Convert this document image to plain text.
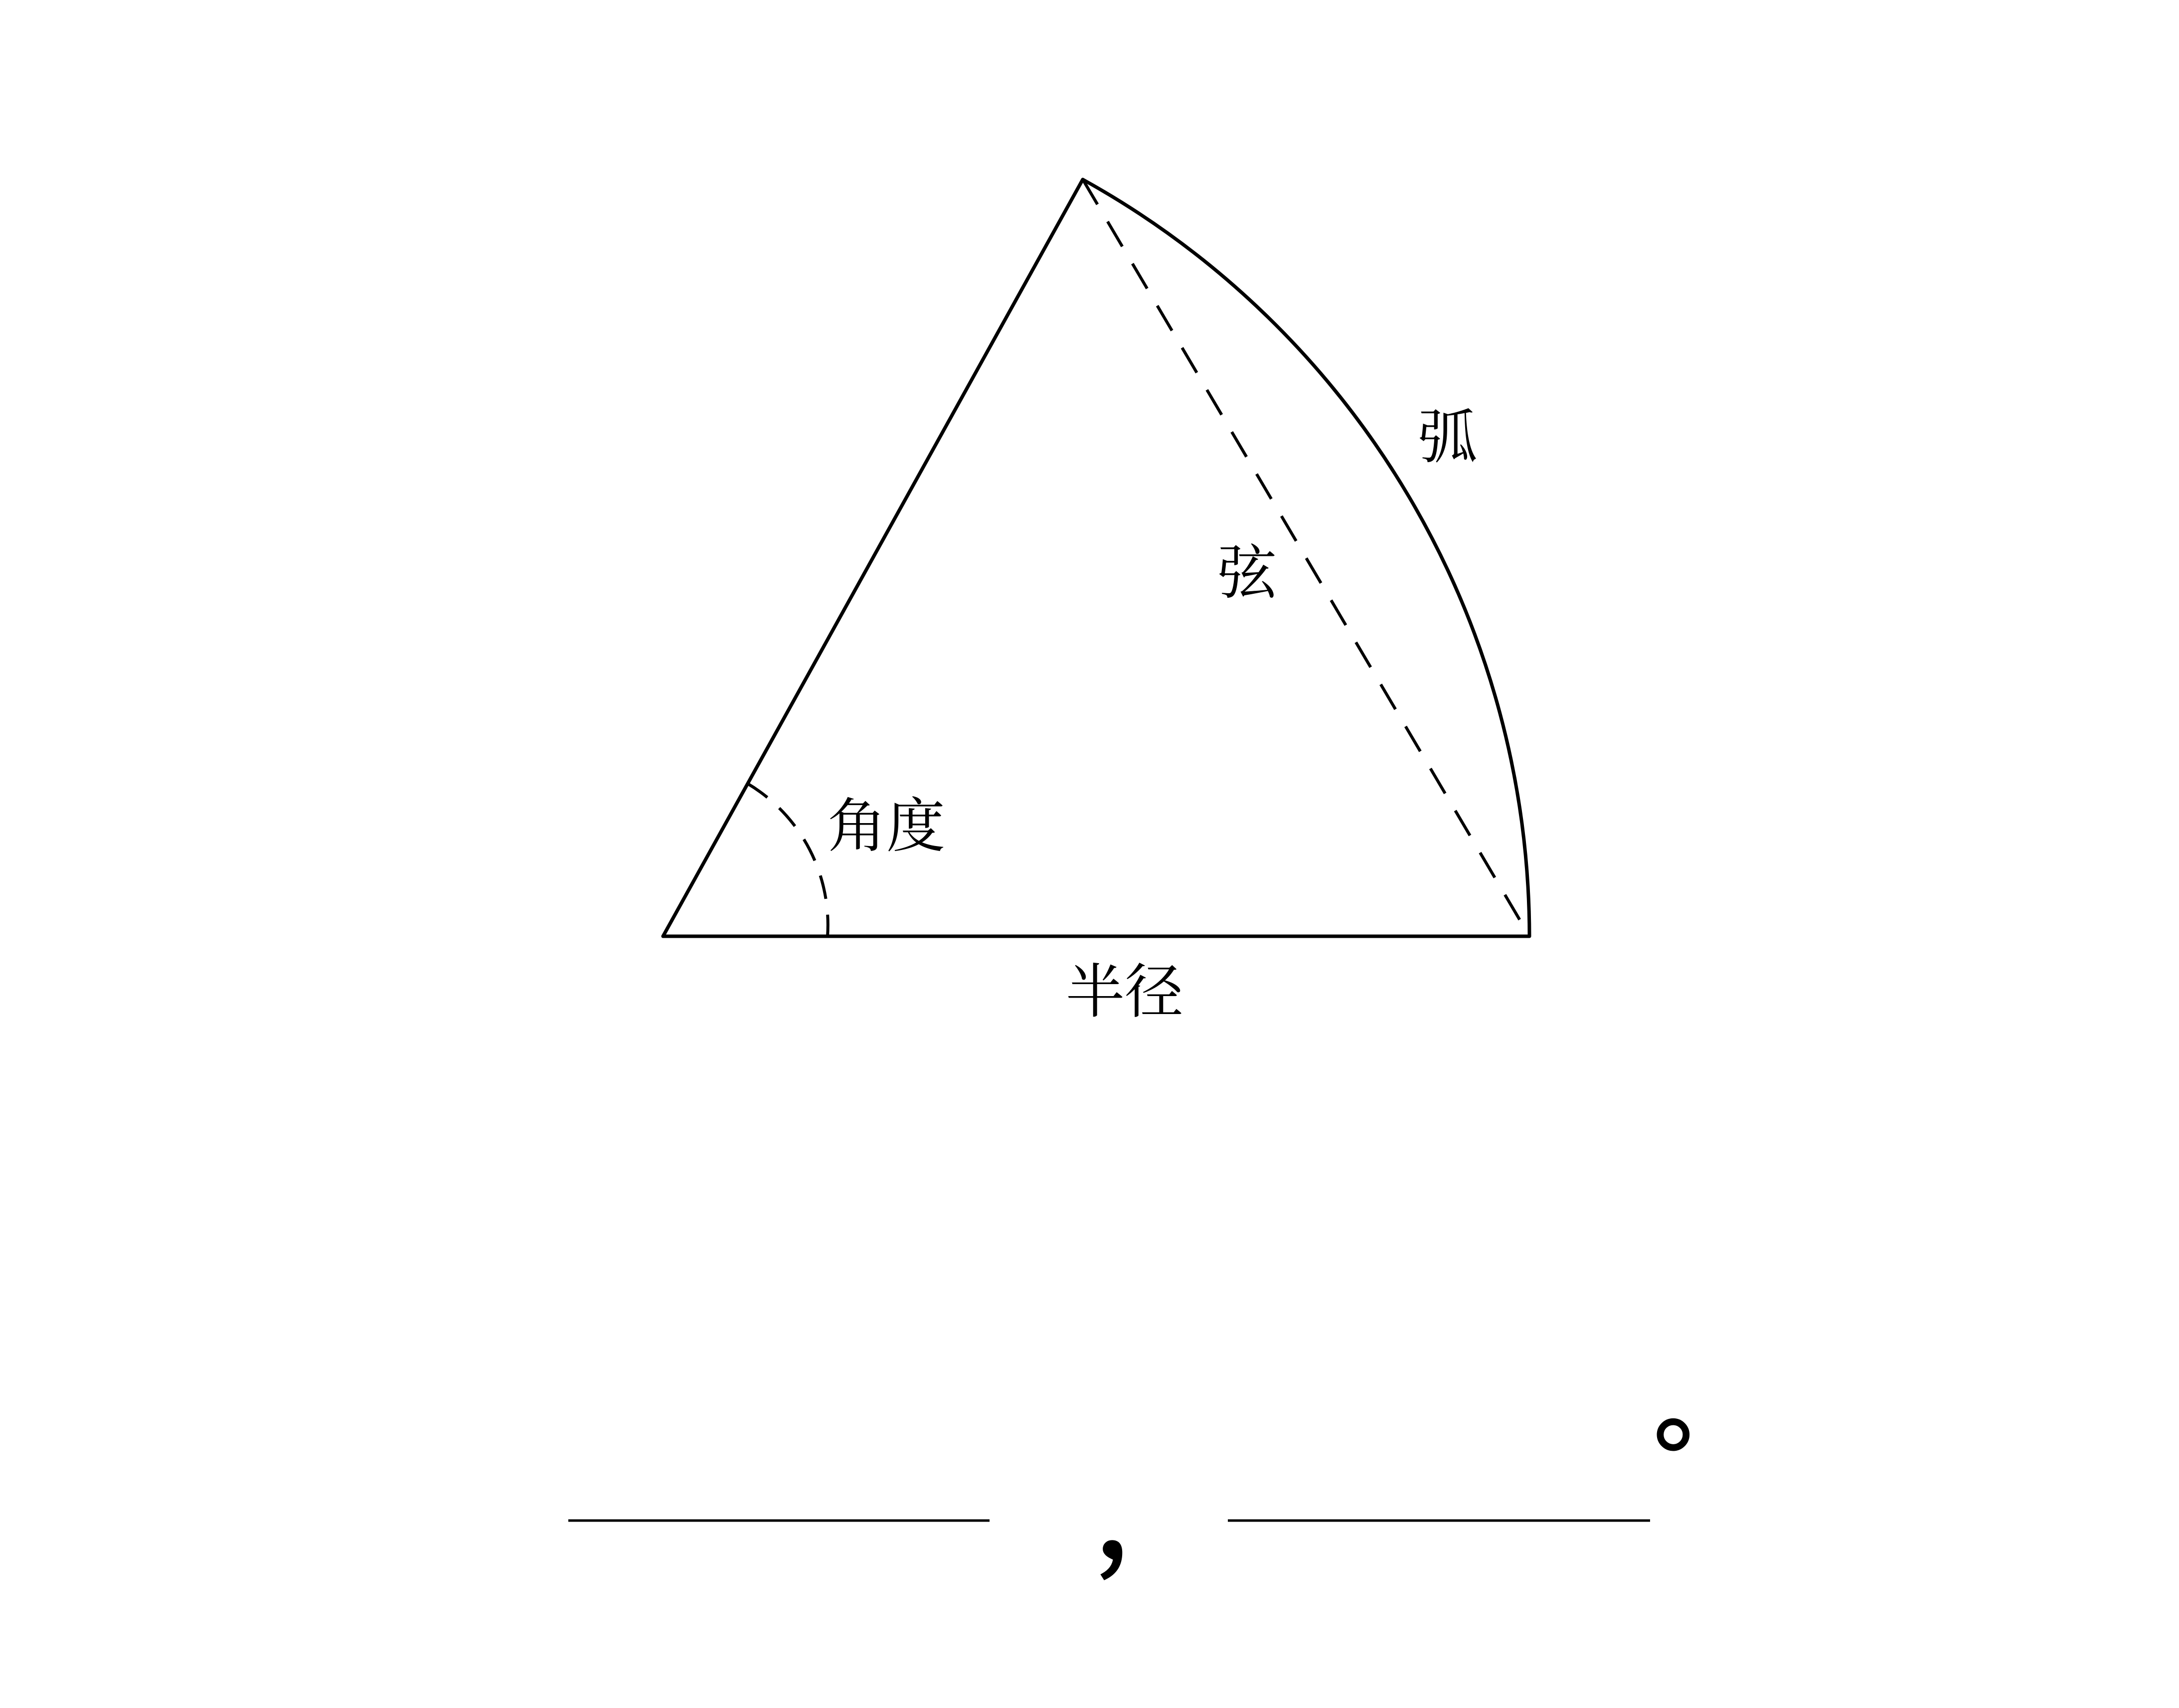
弧
弦
角度
半径
，
。
